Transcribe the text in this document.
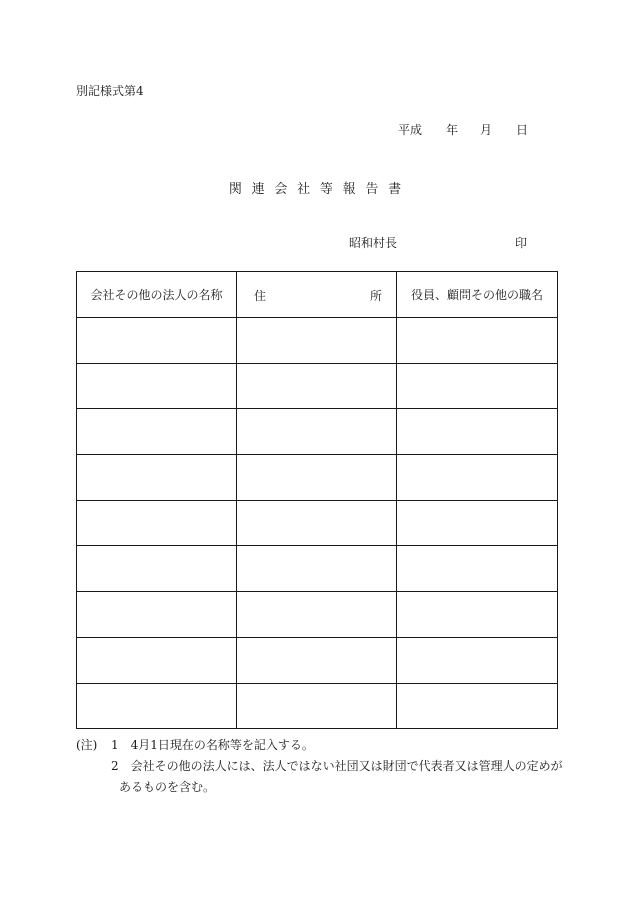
別記様式第4
平成 年 月 日
関連会社等報告書
昭和村長	印
会社その他の法人の名称	住 所	役員、顧問その他の職名

(注) 1　4月1日現在の名称等を記入する。
2　会社その他の法人には、法人ではない社団又は財団で代表者又は管理人の定めが
あるものを含む。
